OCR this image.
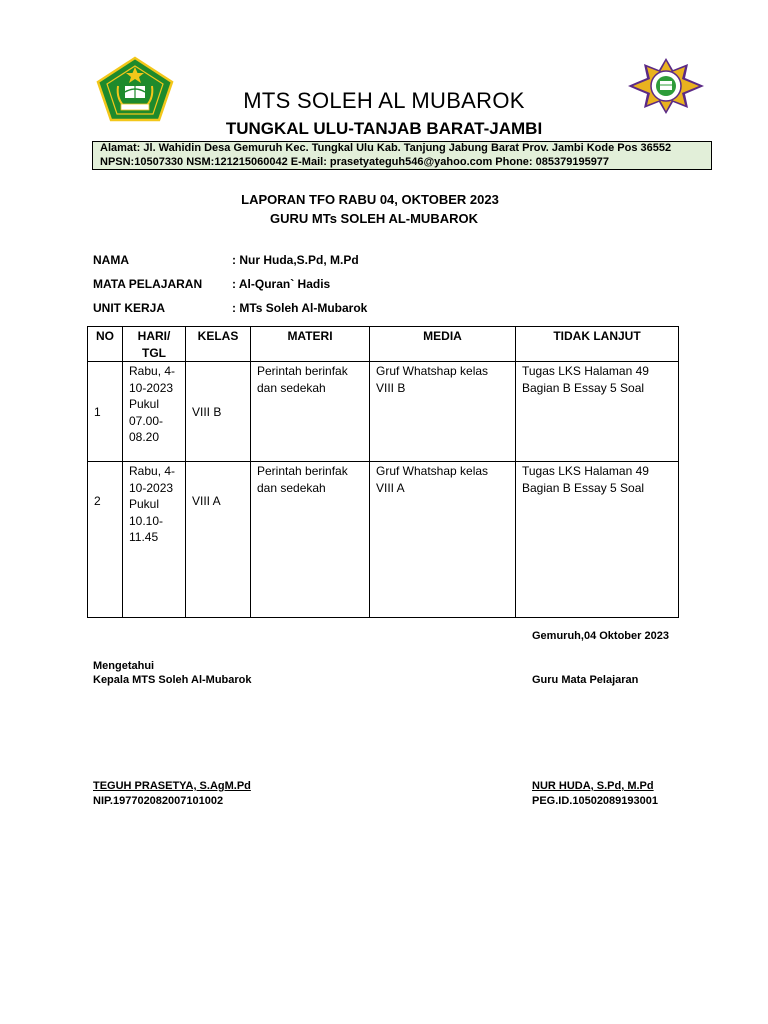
MTS SOLEH AL MUBAROK
TUNGKAL ULU-TANJAB BARAT-JAMBI
Alamat: Jl. Wahidin Desa Gemuruh Kec. Tungkal Ulu Kab. Tanjung Jabung Barat Prov. Jambi Kode Pos 36552
NPSN:10507330 NSM:121215060042 E-Mail: prasetyateguh546@yahoo.com Phone: 085379195977
LAPORAN TFO RABU 04, OKTOBER 2023
GURU MTs SOLEH AL-MUBAROK
NAMA	: Nur Huda,S.Pd, M.Pd
MATA PELAJARAN : Al-Quran` Hadis
UNIT KERJA	: MTs Soleh Al-Mubarok
NO	HARI/ TGL	KELAS	MATERI	MEDIA	TIDAK LANJUT
1	Rabu, 4-10-2023 Pukul 07.00-08.20	VIII B	Perintah berinfak dan sedekah	Gruf Whatshap kelas VIII B	Tugas LKS Halaman 49 Bagian B Essay 5 Soal

2	Rabu, 4-10-2023 Pukul 10.10-11.45	VIII A	Perintah berinfak dan sedekah	Gruf Whatshap kelas VIII A	Tugas LKS Halaman 49 Bagian B Essay 5 Soal
Gemuruh,04 Oktober 2023
Mengetahui
Kepala MTS Soleh Al-Mubarok	Guru Mata Pelajaran
TEGUH PRASETYA, S.AgM.Pd
NIP.197702082007101002
NUR HUDA, S.Pd, M.Pd
PEG.ID.10502089193001
